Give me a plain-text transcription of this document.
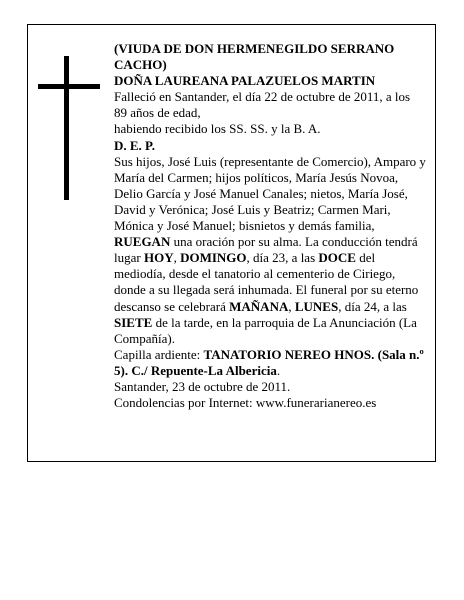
(VIUDA DE DON HERMENEGILDO SERRANO CACHO)

DOÑA LAUREANA PALAZUELOS MARTIN

Falleció en Santander, el día 22 de octubre de 2011, a los 89 años de edad,

habiendo recibido los SS. SS. y la B. A.

D. E. P.

Sus hijos, José Luis (representante de Comercio), Amparo y María del Carmen; hijos políticos, María Jesús Novoa, Delio García y José Manuel Canales; nietos, María José, David y Verónica; José Luis y Beatriz; Carmen Mari, Mónica y José Manuel; bisnietos y demás familia,

RUEGAN una oración por su alma. La conducción tendrá lugar HOY, DOMINGO, día 23, a las DOCE del mediodía, desde el tanatorio al cementerio de Ciriego, donde a su llegada será inhumada. El funeral por su eterno descanso se celebrará MAÑANA, LUNES, día 24, a las SIETE de la tarde, en la parroquia de La Anunciación (La Compañía).

Capilla ardiente: TANATORIO NEREO HNOS. (Sala n.º 5). C./ Repuente-La Albericia.

Santander, 23 de octubre de 2011.

Condolencias por Internet: www.funerarianereo.es
